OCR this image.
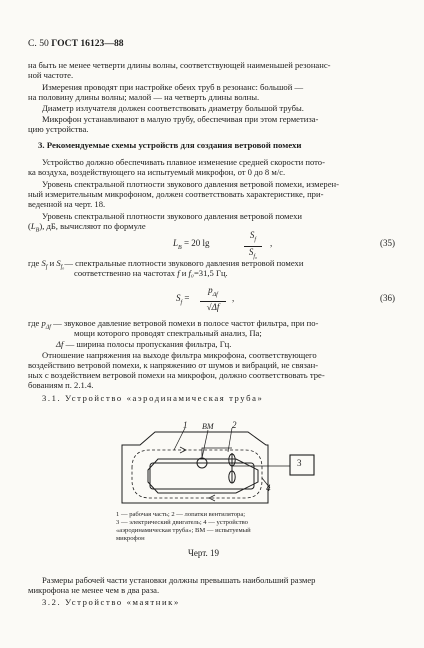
С. 50 ГОСТ 16123—88
на быть не менее четверти длины волны, соответствующей наименьшей резонанс-
ной частоте.
Измерения проводят при настройке обеих труб в резонанс: большой —
на половину длины волны; малой — на четверть длины волны.
Диаметр излучателя должен соответствовать диаметру большой трубы.
Микрофон устанавливают в малую трубу, обеспечивая при этом герметиза-
цию устройства.
3. Рекомендуемые схемы устройств для создания ветровой помехи
Устройство должно обеспечивать плавное изменение средней скорости пото-
ка воздуха, воздействующего на испытуемый микрофон, от 0 до 8 м/с.
Уровень спектральной плотности звукового давления ветровой помехи, измерен-
ный измерительным микрофоном, должен соответствовать характеристике, при-
веденной на черт. 18.
Уровень спектральной плотности звукового давления ветровой помехи
$(L_B)$, дБ, вычисляют по формуле
$L_B = 20$ lg
$S_f$
$S_{f_0}$
,	(35)
где $S_f$ и $S_{f_0}—$ спектральные плотности звукового давления ветровой помехи
соответственно на частотах f и f₀=31,5 Гц.
$S_f$ =
$p_{\Delta f}$
√Δf
,	(36)
где $p_{\Delta f}$ — звуковое давление ветровой помехи в полосе частот фильтра, при по-
мощи которого проводят спектральный анализ, Па;
Δf — ширина полосы пропускания фильтра, Гц.
Отношение напряжения на выходе фильтра микрофона, соответствующего
воздействию ветровой помехи, к напряжению от шумов и вибраций, не связан-
ных с воздействием ветровой помехи на микрофон, должно соответствовать тре-
бованиям п. 2.1.4.
3.1. Устройство «аэродинамическая труба»
1 ВМ 2
3
4
1 — рабочая часть; 2 — лопатки вентилятора;
3 — электрический двигатель; 4 — устройство
«аэродинамическая труба»; ВМ — испытуемый
микрофон
Черт. 19
Размеры рабочей части установки должны превышать наибольший размер
микрофона не менее чем в два раза.
3.2. Устройство «маятник»
